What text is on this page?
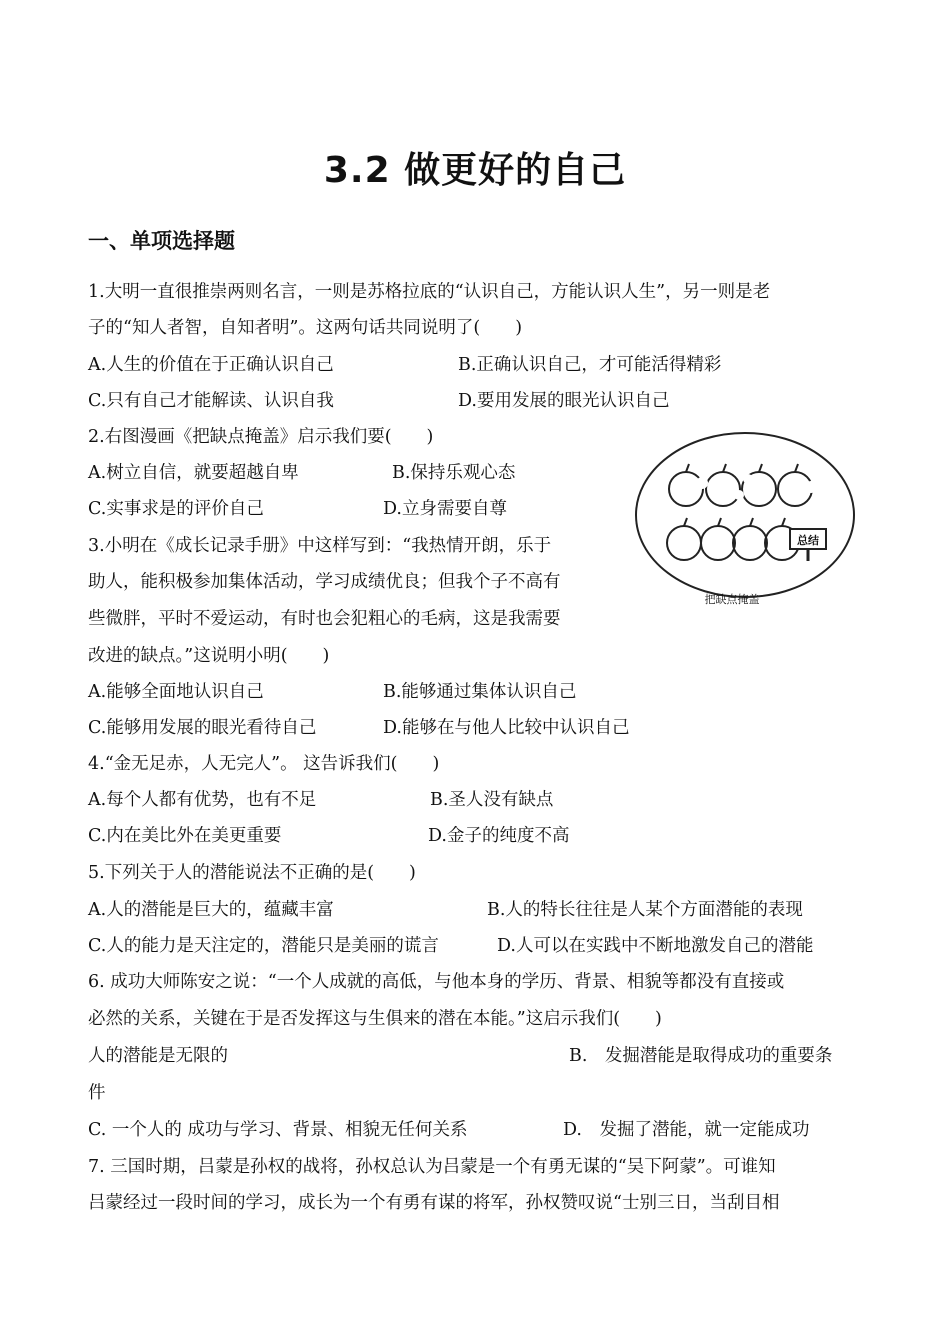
3.2 做更好的自己
一、单项选择题
1.大明一直很推崇两则名言，一则是苏格拉底的“认识自己，方能认识人生”，另一则是老
子的“知人者智，自知者明”。这两句话共同说明了(　　)
A.人生的价值在于正确认识自己	B.正确认识自己，才可能活得精彩
C.只有自己才能解读、认识自我	D.要用发展的眼光认识自己
2.右图漫画《把缺点掩盖》启示我们要(　　)
A.树立自信，就要超越自卑	B.保持乐观心态
C.实事求是的评价自己	D.立身需要自尊
3.小明在《成长记录手册》中这样写到：“我热情开朗，乐于
助人，能积极参加集体活动，学习成绩优良；但我个子不高有
些微胖，平时不爱运动，有时也会犯粗心的毛病，这是我需要
改进的缺点。”这说明小明(　　)
A.能够全面地认识自己	B.能够通过集体认识自己
C.能够用发展的眼光看待自己	D.能够在与他人比较中认识自己
4.“金无足赤，人无完人”。 这告诉我们(　　)
A.每个人都有优势，也有不足	B.圣人没有缺点
C.内在美比外在美更重要	D.金子的纯度不高
5.下列关于人的潜能说法不正确的是(　　)
A.人的潜能是巨大的，蕴藏丰富	B.人的特长往往是人某个方面潜能的表现
C.人的能力是天注定的，潜能只是美丽的谎言	D.人可以在实践中不断地激发自己的潜能
6. 成功大师陈安之说：“一个人成就的高低，与他本身的学历、背景、相貌等都没有直接或
必然的关系，关键在于是否发挥这与生俱来的潜在本能。”这启示我们(　　)
人的潜能是无限的	B.　发掘潜能是取得成功的重要条
件
C. 一个人的 成功与学习、背景、相貌无任何关系	D.　发掘了潜能，就一定能成功
7. 三国时期，吕蒙是孙权的战将，孙权总认为吕蒙是一个有勇无谋的“吴下阿蒙”。可谁知
吕蒙经过一段时间的学习，成长为一个有勇有谋的将军，孙权赞叹说“士别三日，当刮目相
总结
把缺点掩盖
